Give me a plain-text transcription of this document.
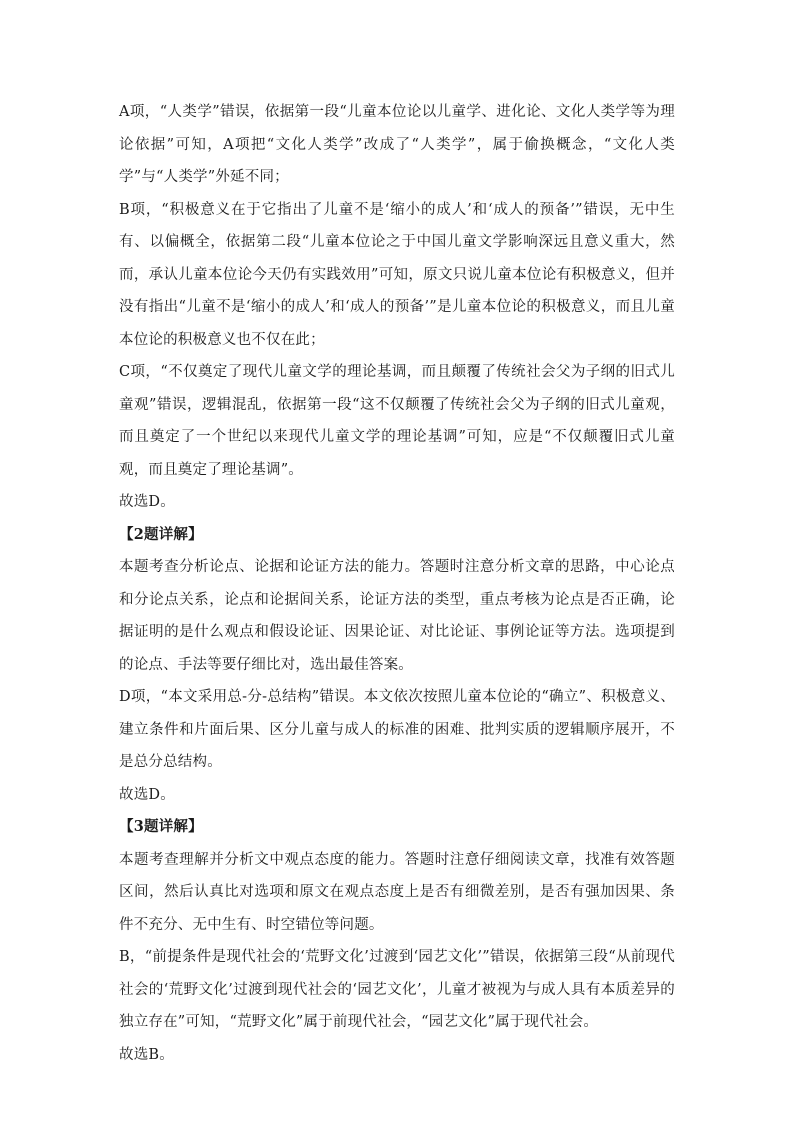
A项，“人类学”错误，依据第一段“儿童本位论以儿童学、进化论、文化人类学等为理论依据”可知，A项把“文化人类学”改成了“人类学”，属于偷换概念，“文化人类学”与“人类学”外延不同；

B项，“积极意义在于它指出了儿童不是‘缩小的成人’和‘成人的预备’”错误，无中生有、以偏概全，依据第二段“儿童本位论之于中国儿童文学影响深远且意义重大，然而，承认儿童本位论今天仍有实践效用”可知，原文只说儿童本位论有积极意义，但并没有指出“儿童不是‘缩小的成人’和‘成人的预备’”是儿童本位论的积极意义，而且儿童本位论的积极意义也不仅在此；

C项，“不仅奠定了现代儿童文学的理论基调，而且颠覆了传统社会父为子纲的旧式儿童观”错误，逻辑混乱，依据第一段“这不仅颠覆了传统社会父为子纲的旧式儿童观，而且奠定了一个世纪以来现代儿童文学的理论基调”可知，应是“不仅颠覆旧式儿童观，而且奠定了理论基调”。

故选D。

【2题详解】

本题考查分析论点、论据和论证方法的能力。答题时注意分析文章的思路，中心论点和分论点关系，论点和论据间关系，论证方法的类型，重点考核为论点是否正确，论据证明的是什么观点和假设论证、因果论证、对比论证、事例论证等方法。选项提到的论点、手法等要仔细比对，选出最佳答案。

D项，“本文采用总-分-总结构”错误。本文依次按照儿童本位论的“确立”、积极意义、建立条件和片面后果、区分儿童与成人的标准的困难、批判实质的逻辑顺序展开，不是总分总结构。

故选D。

【3题详解】

本题考查理解并分析文中观点态度的能力。答题时注意仔细阅读文章，找准有效答题区间，然后认真比对选项和原文在观点态度上是否有细微差别，是否有强加因果、条件不充分、无中生有、时空错位等问题。

B，“前提条件是现代社会的‘荒野文化’过渡到‘园艺文化’”错误，依据第三段“从前现代社会的‘荒野文化’过渡到现代社会的‘园艺文化’，儿童才被视为与成人具有本质差异的独立存在”可知，“荒野文化”属于前现代社会，“园艺文化”属于现代社会。

故选B。
